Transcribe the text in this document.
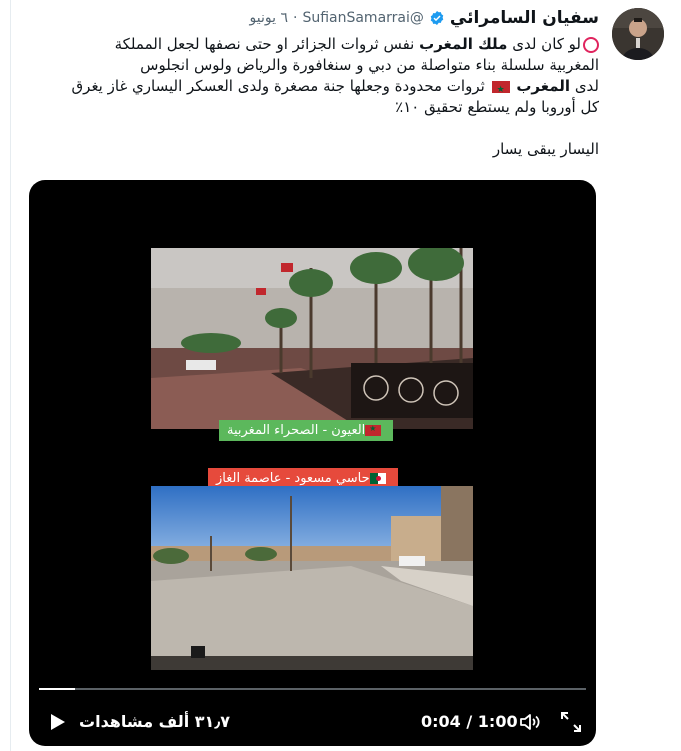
سفيان السامرائي
@SufianSamarrai
·
٦ يونيو

لو كان لدى ملك المغرب نفس ثروات الجزائر او حتى نصفها لجعل المملكة المغربية سلسلة بناء متواصلة من دبي و سنغافورة والرياض ولوس انجلوس

لدى المغرب ★ ثروات محدودة وجعلها جنة مصغرة ولدى العسكر اليساري غاز يغرق كل أوروبا ولم يستطع تحقيق ١٠٪

اليسار يبقى يسار

★العيون - الصحراء المغربية
حاسي مسعود - عاصمة الغاز
٣١٫٧ ألف مشاهدات	0:04 / 1:00
